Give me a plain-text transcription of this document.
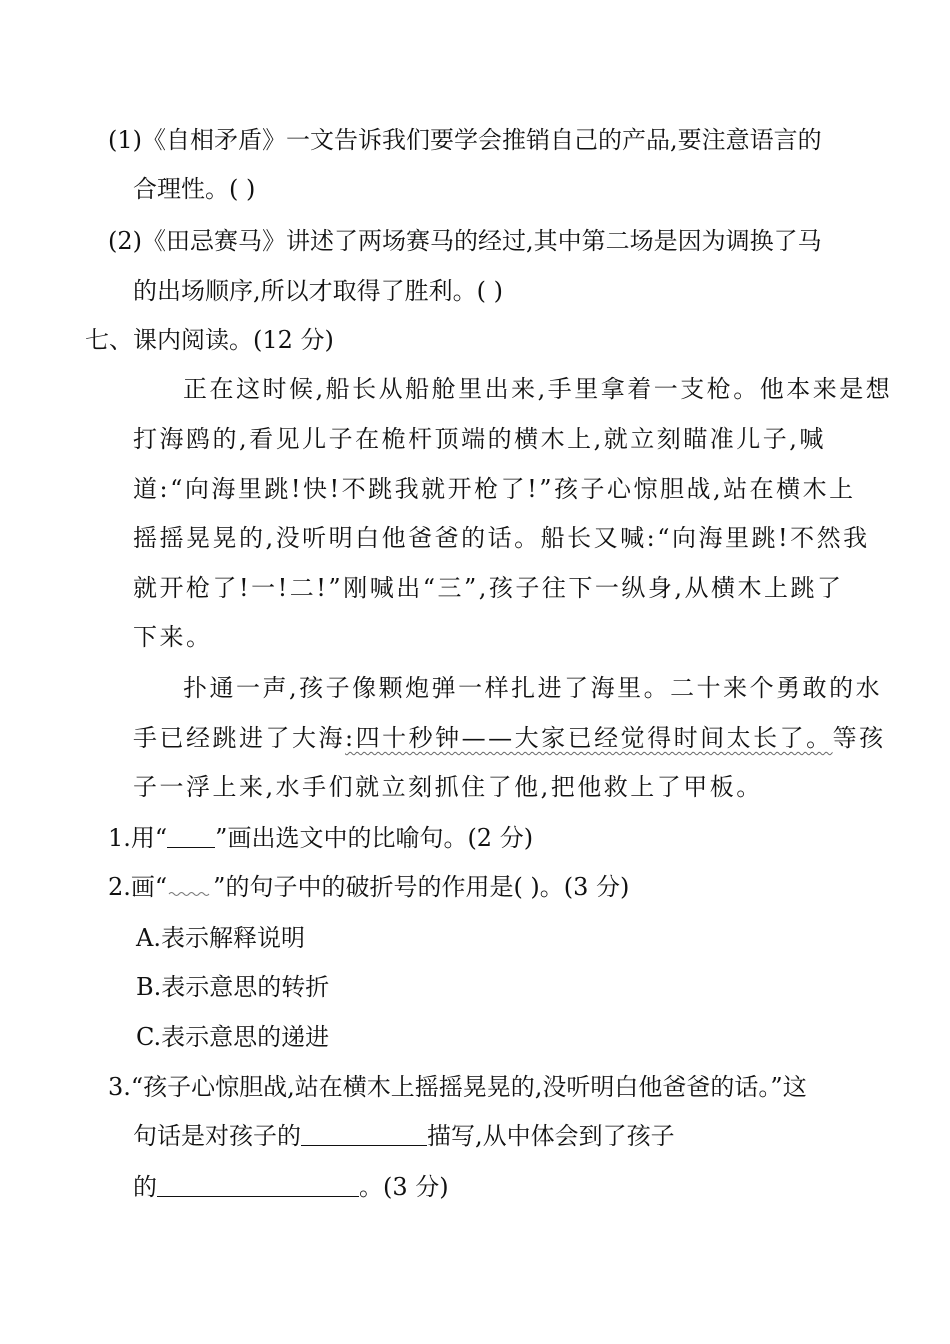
(1)《自相矛盾》一文告诉我们要学会推销自己的产品,要注意语言的
合理性。( )
(2)《田忌赛马》讲述了两场赛马的经过,其中第二场是因为调换了马
的出场顺序,所以才取得了胜利。( )
七、课内阅读。(12 分)
正在这时候,船长从船舱里出来,手里拿着一支枪。他本来是想
打海鸥的,看见儿子在桅杆顶端的横木上,就立刻瞄准儿子,喊
道:“向海里跳!快!不跳我就开枪了!”孩子心惊胆战,站在横木上
摇摇晃晃的,没听明白他爸爸的话。船长又喊:“向海里跳!不然我
就开枪了!一!二!”刚喊出“三”,孩子往下一纵身,从横木上跳了
下来。
扑通一声,孩子像颗炮弹一样扎进了海里。二十来个勇敢的水
手已经跳进了大海:四十秒钟——大家已经觉得时间太长了。等孩
子一浮上来,水手们就立刻抓住了他,把他救上了甲板。
1.用“ ”画出选文中的比喻句。(2 分)
2.画“ ”的句子中的破折号的作用是( )。(3 分)
A.表示解释说明
B.表示意思的转折
C.表示意思的递进
3.“孩子心惊胆战,站在横木上摇摇晃晃的,没听明白他爸爸的话。”这
句话是对孩子的	描写,从中体会到了孩子
的	。(3 分)
